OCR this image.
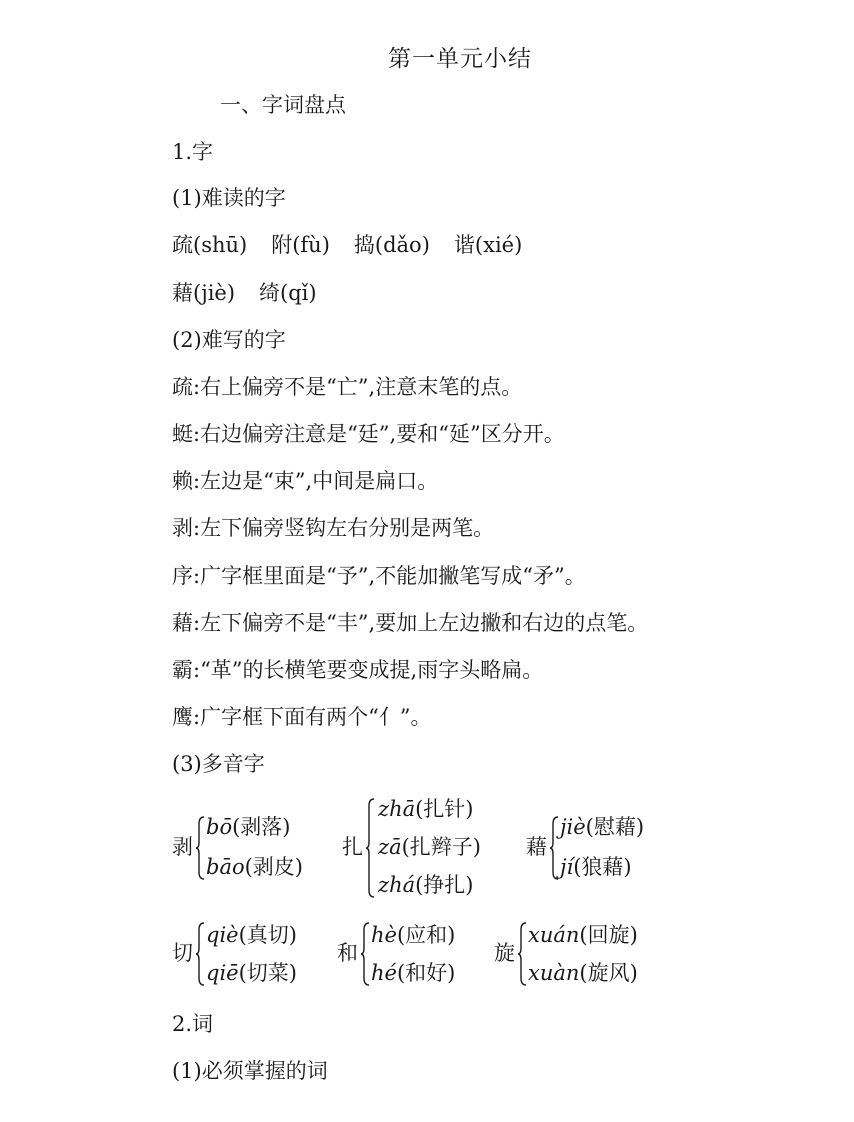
第一单元小结
一、字词盘点
1.字
(1)难读的字
疏(shū) 附(fù) 捣(dǎo) 谐(xié)
藉(jiè) 绮(qǐ)
(2)难写的字
疏:右上偏旁不是“亡”,注意末笔的点。
蜓:右边偏旁注意是“廷”,要和“延”区分开。
赖:左边是“束”,中间是扁口。
剥:左下偏旁竖钩左右分别是两笔。
序:广字框里面是“予”,不能加撇笔写成“矛”。
藉:左下偏旁不是“丰”,要加上左边撇和右边的点笔。
霸:“革”的长横笔要变成提,雨字头略扁。
鹰:广字框下面有两个“亻”。
(3)多音字
剥
bō(剥落)
bāo(剥皮)
扎
zhā(扎针)
zā(扎辫子)
zhá(挣扎)
藉
jiè(慰藉)
jí(狼藉)
切
qiè(真切)
qiē(切菜)
和
hè(应和)
hé(和好)
旋
xuán(回旋)
xuàn(旋风)
2.词
(1)必须掌握的词
